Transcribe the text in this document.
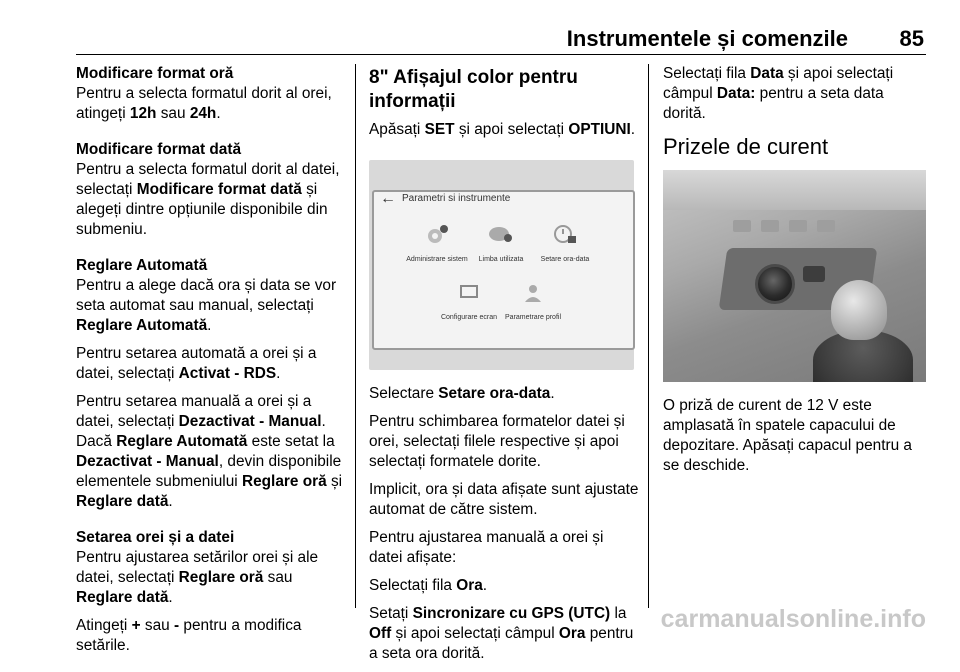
Instrumentele și comenzile 85
Modificare format oră

Pentru a selecta formatul dorit al orei, atingeți 12h sau 24h.

Modificare format dată

Pentru a selecta formatul dorit al datei, selectați Modificare format dată și alegeți dintre opțiunile disponibile din submeniu.

Reglare Automată

Pentru a alege dacă ora și data se vor seta automat sau manual, selectați Reglare Automată.

Pentru setarea automată a orei și a datei, selectați Activat - RDS.

Pentru setarea manuală a orei și a datei, selectați Dezactivat - Manual. Dacă Reglare Automată este setat la Dezactivat - Manual, devin disponibile elementele submeniului Reglare oră și Reglare dată.

Setarea orei și a datei

Pentru ajustarea setărilor orei și ale datei, selectați Reglare oră sau Reglare dată.

Atingeți + sau - pentru a modifica setările.

8" Afișajul color pentru informații

Apăsați SET și apoi selectați OPTIUNI.

← Parametri si instrumente
Administrare sistem	Limba utilizata	Setare ora-data
Configurare ecran	Parametrare profil

Selectare Setare ora-data.

Pentru schimbarea formatelor datei și orei, selectați filele respective și apoi selectați formatele dorite.

Implicit, ora și data afișate sunt ajustate automat de către sistem.

Pentru ajustarea manuală a orei și datei afișate:

Selectați fila Ora.

Setați Sincronizare cu GPS (UTC) la Off și apoi selectați câmpul Ora pentru a seta ora dorită.

Selectați fila Data și apoi selectați câmpul Data: pentru a seta data dorită.

Prizele de curent

O priză de curent de 12 V este amplasată în spatele capacului de depozitare. Apăsați capacul pentru a se deschide.

carmanualsonline.info
